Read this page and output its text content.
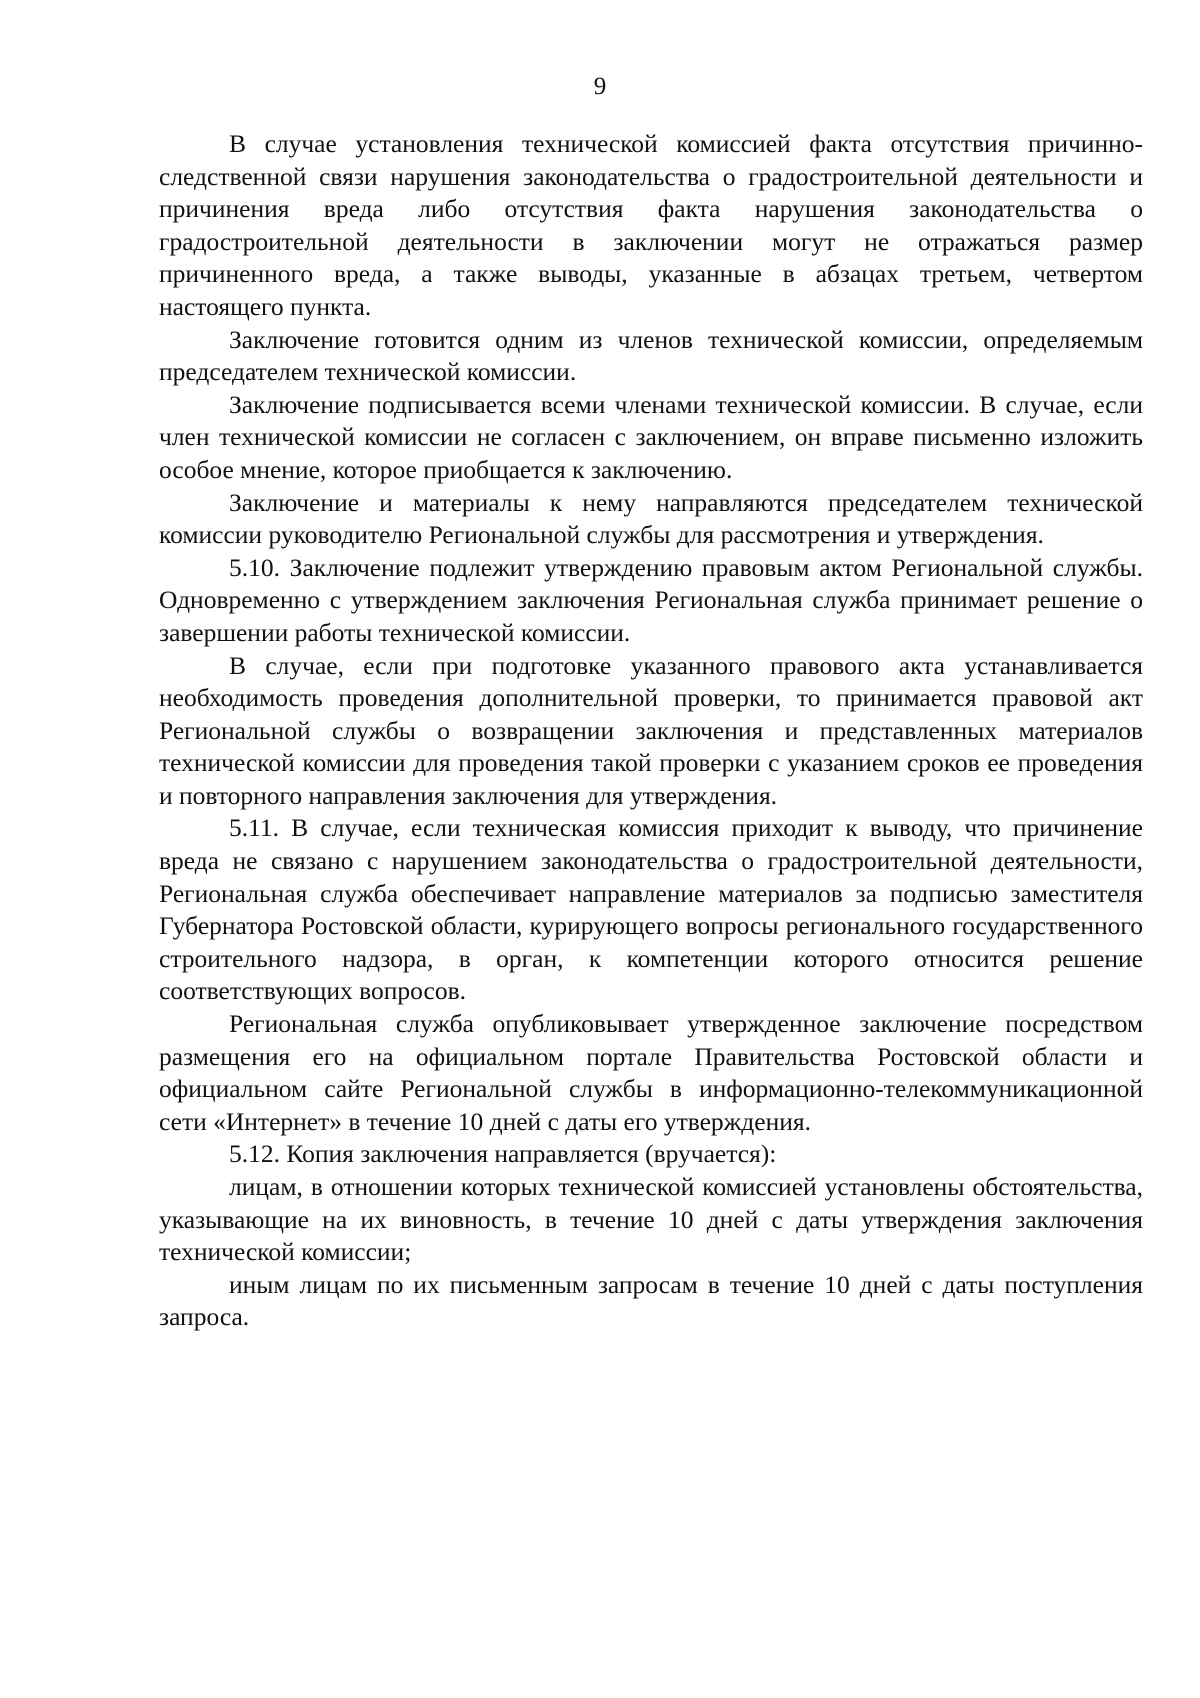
9

В случае установления технической комиссией факта отсутствия причинно-следственной связи нарушения законодательства о градостроительной деятельности и причинения вреда либо отсутствия факта нарушения законодательства о градостроительной деятельности в заключении могут не отражаться размер причиненного вреда, а также выводы, указанные в абзацах третьем, четвертом настоящего пункта.

Заключение готовится одним из членов технической комиссии, определяемым председателем технической комиссии.

Заключение подписывается всеми членами технической комиссии. В случае, если член технической комиссии не согласен с заключением, он вправе письменно изложить особое мнение, которое приобщается к заключению.

Заключение и материалы к нему направляются председателем технической комиссии руководителю Региональной службы для рассмотрения и утверждения.

5.10. Заключение подлежит утверждению правовым актом Региональной службы. Одновременно с утверждением заключения Региональная служба принимает решение о завершении работы технической комиссии.

В случае, если при подготовке указанного правового акта устанавливается необходимость проведения дополнительной проверки, то принимается правовой акт Региональной службы о возвращении заключения и представленных материалов технической комиссии для проведения такой проверки с указанием сроков ее проведения и повторного направления заключения для утверждения.

5.11. В случае, если техническая комиссия приходит к выводу, что причинение вреда не связано с нарушением законодательства о градостроительной деятельности, Региональная служба обеспечивает направление материалов за подписью заместителя Губернатора Ростовской области, курирующего вопросы регионального государственного строительного надзора, в орган, к компетенции которого относится решение соответствующих вопросов.

Региональная служба опубликовывает утвержденное заключение посредством размещения его на официальном портале Правительства Ростовской области и официальном сайте Региональной службы в информационно-телекоммуникационной сети «Интернет» в течение 10 дней с даты его утверждения.

5.12. Копия заключения направляется (вручается):

лицам, в отношении которых технической комиссией установлены обстоятельства, указывающие на их виновность, в течение 10 дней с даты утверждения заключения технической комиссии;

иным лицам по их письменным запросам в течение 10 дней с даты поступления запроса.
